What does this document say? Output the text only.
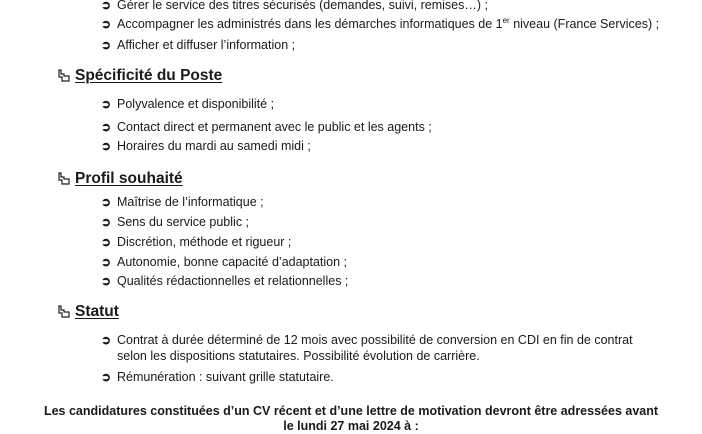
➲ Gérer le service des titres sécurisés (demandes, suivi, remises…) ;
➲ Accompagner les administrés dans les démarches informatiques de 1er niveau (France Services) ;
➲ Afficher et diffuser l’information ;
Spécificité du Poste
➲ Polyvalence et disponibilité ;
➲ Contact direct et permanent avec le public et les agents ;
➲ Horaires du mardi au samedi midi ;
Profil souhaité
➲ Maîtrise de l’informatique ;
➲ Sens du service public ;
➲ Discrétion, méthode et rigueur ;
➲ Autonomie, bonne capacité d’adaptation ;
➲ Qualités rédactionnelles et relationnelles ;
Statut
➲ Contrat à durée déterminé de 12 mois avec possibilité de conversion en CDI en fin de contrat selon les dispositions statutaires. Possibilité évolution de carrière.
➲ Rémunération : suivant grille statutaire.
Les candidatures constituées d’un CV récent et d’une lettre de motivation devront être adressées avant
le lundi 27 mai 2024 à :
